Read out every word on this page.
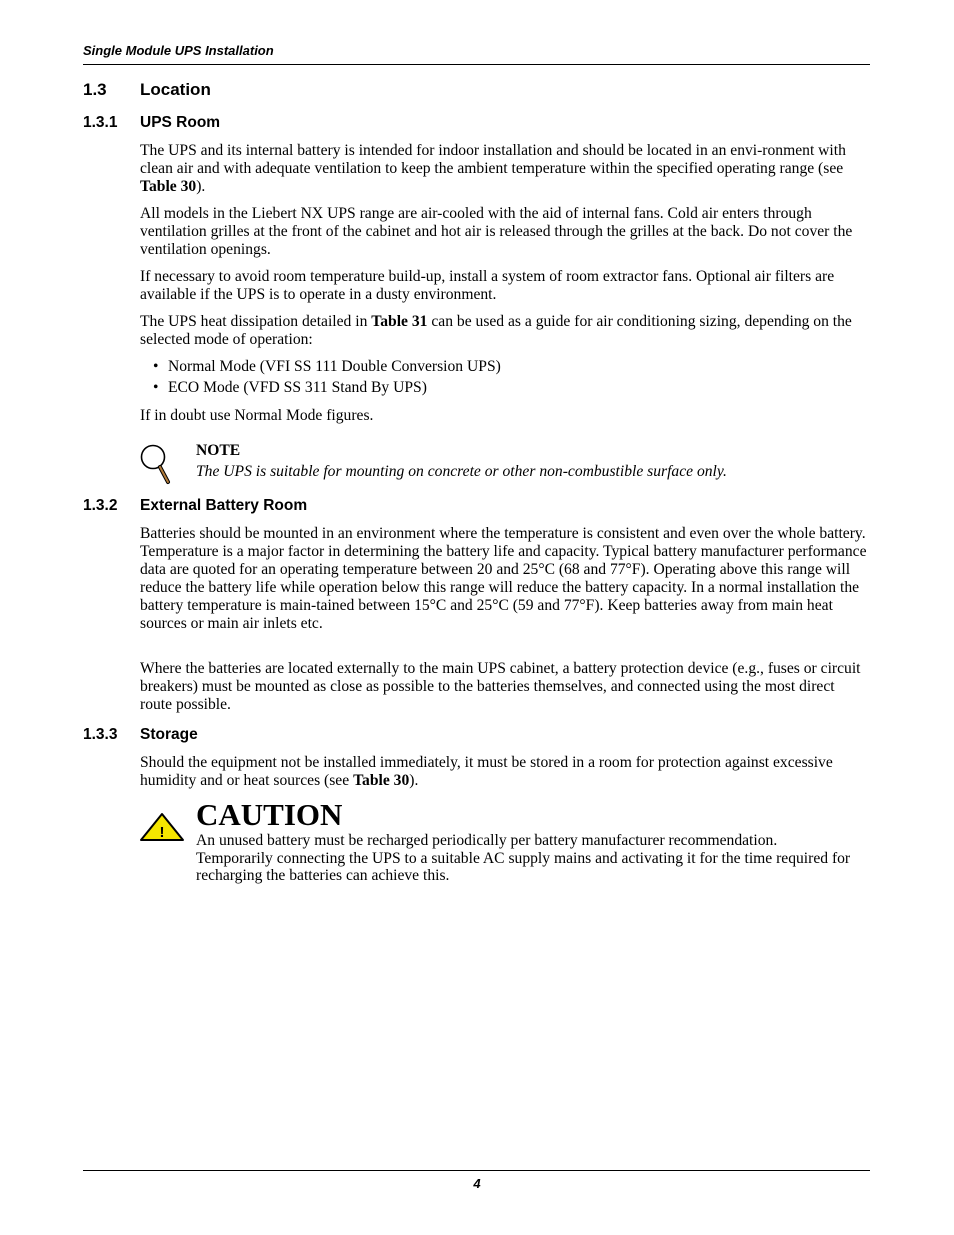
Single Module UPS Installation
1.3 Location
1.3.1 UPS Room

The UPS and its internal battery is intended for indoor installation and should be located in an envi-ronment with clean air and with adequate ventilation to keep the ambient temperature within the specified operating range (see Table 30).

All models in the Liebert NX UPS range are air-cooled with the aid of internal fans. Cold air enters through ventilation grilles at the front of the cabinet and hot air is released through the grilles at the back. Do not cover the ventilation openings.

If necessary to avoid room temperature build-up, install a system of room extractor fans. Optional air filters are available if the UPS is to operate in a dusty environment.

The UPS heat dissipation detailed in Table 31 can be used as a guide for air conditioning sizing, depending on the selected mode of operation:

• Normal Mode (VFI SS 111 Double Conversion UPS)
• ECO Mode (VFD SS 311 Stand By UPS)

If in doubt use Normal Mode figures.

NOTE
The UPS is suitable for mounting on concrete or other non-combustible surface only.
1.3.2 External Battery Room

Batteries should be mounted in an environment where the temperature is consistent and even over the whole battery. Temperature is a major factor in determining the battery life and capacity. Typical battery manufacturer performance data are quoted for an operating temperature between 20 and 25°C (68 and 77°F). Operating above this range will reduce the battery life while operation below this range will reduce the battery capacity. In a normal installation the battery temperature is main-tained between 15°C and 25°C (59 and 77°F). Keep batteries away from main heat sources or main air inlets etc.

Where the batteries are located externally to the main UPS cabinet, a battery protection device (e.g., fuses or circuit breakers) must be mounted as close as possible to the batteries themselves, and connected using the most direct route possible.

1.3.3 Storage

Should the equipment not be installed immediately, it must be stored in a room for protection against excessive humidity and or heat sources (see Table 30).

!
CAUTION

An unused battery must be recharged periodically per battery manufacturer recommendation. Temporarily connecting the UPS to a suitable AC supply mains and activating it for the time required for recharging the batteries can achieve this.

4
